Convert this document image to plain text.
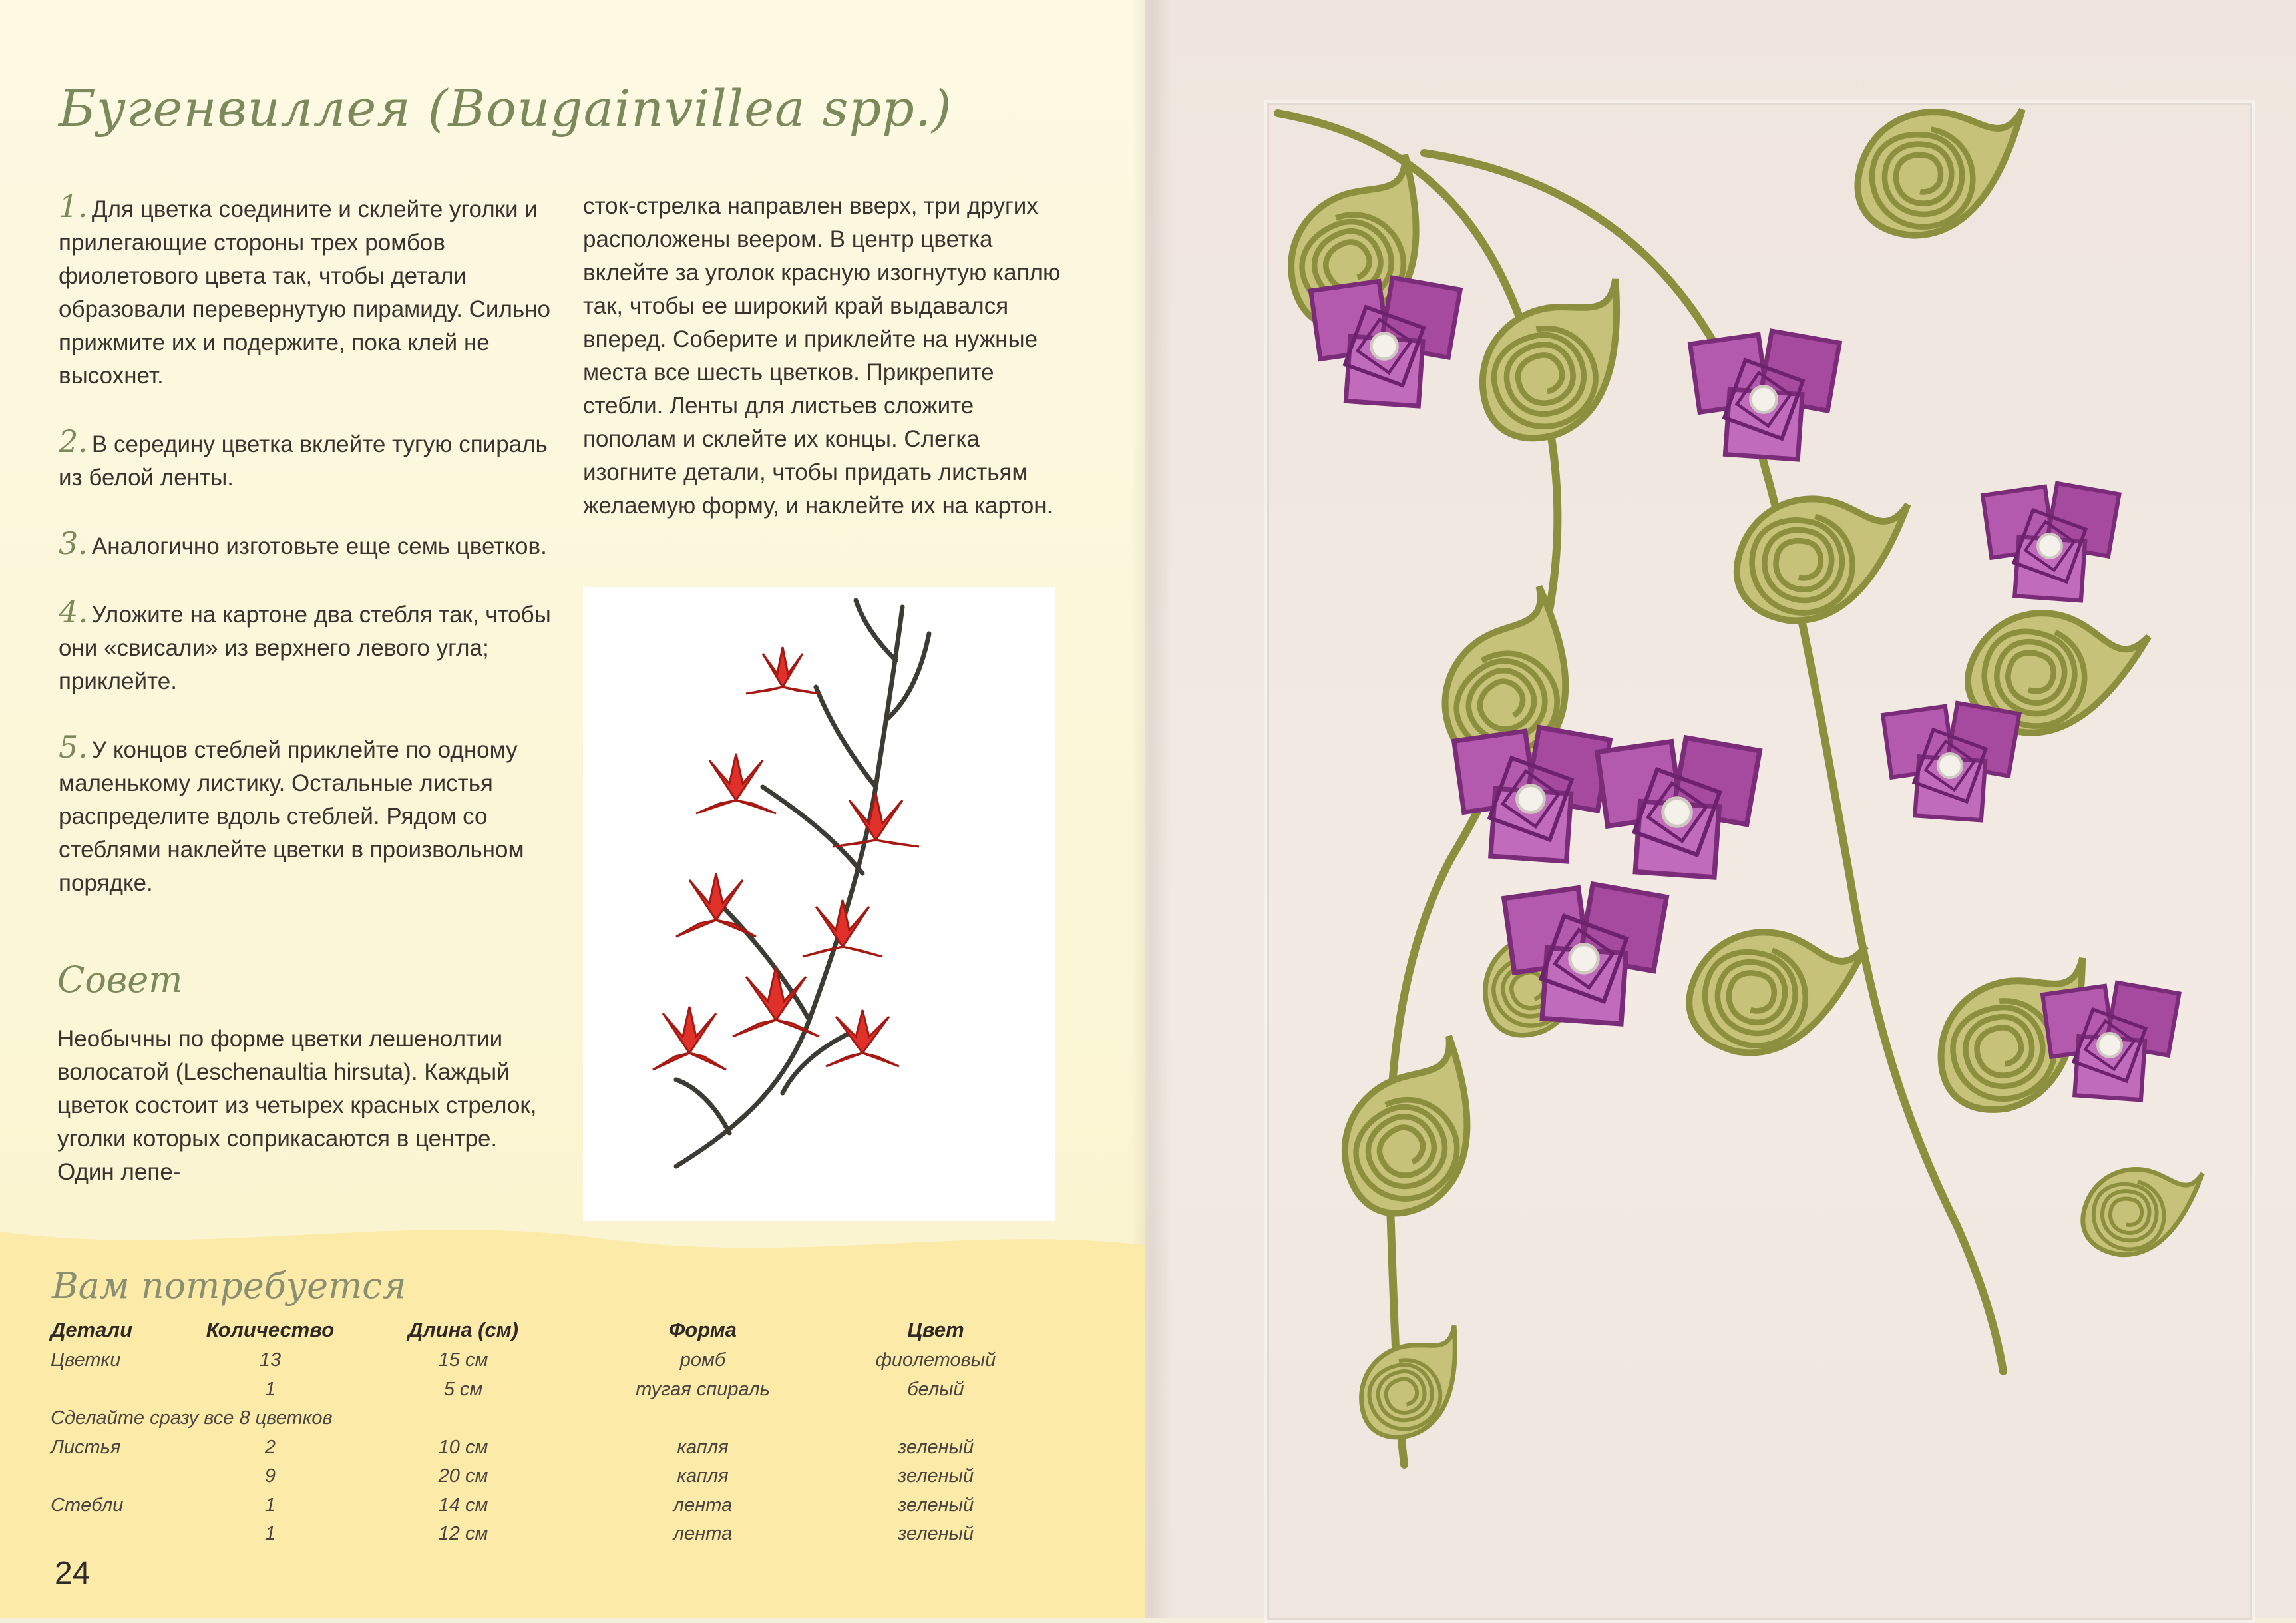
Бугенвиллея (Bougainvillea spp.)

1. Для цветка соедините и склейте уголки и прилегающие стороны трех ромбов фиолетового цвета так, чтобы детали образовали перевернутую пирамиду. Сильно прижмите их и подержите, пока клей не высохнет.

2. В середину цветка вклейте тугую спираль из белой ленты.

3. Аналогично изготовьте еще семь цветков.

4. Уложите на картоне два стебля так, чтобы они «свисали» из верхнего левого угла; приклейте.

5. У концов стеблей приклейте по одному маленькому листику. Остальные листья распределите вдоль стеблей. Рядом со стеблями наклейте цветки в произвольном порядке.

Совет
Необычны по форме цветки лешенолтии волосатой (Leschenaultia hirsuta). Каждый цветок состоит из четырех красных стрелок, уголки которых соприкасаются в центре. Один лепе-
сток-стрелка направлен вверх, три других расположены веером. В центр цветка вклейте за уголок красную изогнутую каплю так, чтобы ее широкий край выдавался вперед. Соберите и приклейте на нужные места все шесть цветков. Прикрепите стебли. Ленты для листьев сложите пополам и склейте их концы. Слегка изогните детали, чтобы придать листьям желаемую форму, и наклейте их на картон.
Вам потребуется
Детали	Количество	Длина (см)	Форма	Цвет
Цветки	13	15 см	ромб	фиолетовый
	1	5 см	тугая спираль	белый
Сделайте сразу все 8 цветков				
Листья	2	10 см	капля	зеленый
	9	20 см	капля	зеленый
Стебли	1	14 см	лента	зеленый
	1	12 см	лента	зеленый
24
